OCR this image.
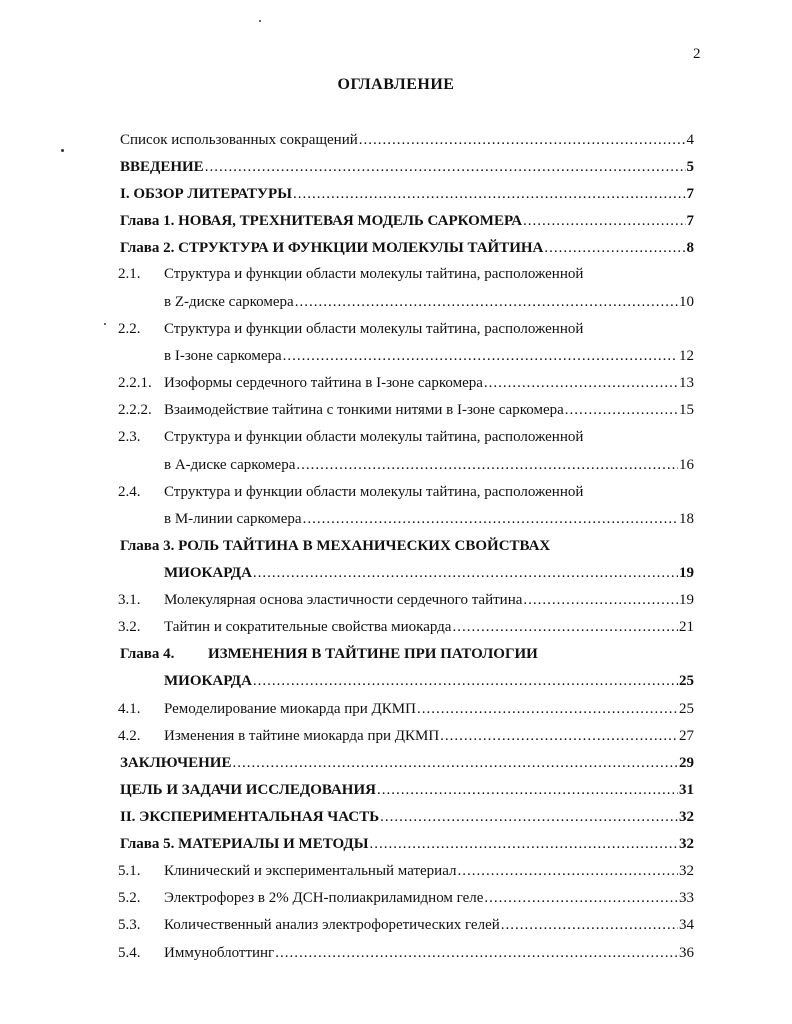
2
ОГЛАВЛЕНИЕ
Список использованных сокращений .....	4
ВВЕДЕНИЕ .....	5
I. ОБЗОР ЛИТЕРАТУРЫ .....	7
Глава 1. НОВАЯ, ТРЕХНИТЕВАЯ МОДЕЛЬ САРКОМЕРА .....	7
Глава 2. СТРУКТУРА И ФУНКЦИИ МОЛЕКУЛЫ ТАЙТИНА .....	8
2.1.	Структура и функции области молекулы тайтина, расположенной
в Z-диске саркомера .....	10
2.2.	Структура и функции области молекулы тайтина, расположенной
в I-зоне саркомера .....	12
2.2.1. Изоформы сердечного тайтина в I-зоне саркомера .....	13
2.2.2. Взаимодействие тайтина с тонкими нитями в I-зоне саркомера .....	15
2.3.	Структура и функции области молекулы тайтина, расположенной
в А-диске саркомера .....	16
2.4.	Структура и функции области молекулы тайтина, расположенной
в М-линии саркомера .....	18
Глава 3. РОЛЬ ТАЙТИНА В МЕХАНИЧЕСКИХ СВОЙСТВАХ
МИОКАРДА .....	19
3.1.	Молекулярная основа эластичности сердечного тайтина .....	19
3.2.	Тайтин и сократительные свойства миокарда .....	21
Глава 4.	ИЗМЕНЕНИЯ В ТАЙТИНЕ ПРИ ПАТОЛОГИИ
МИОКАРДА .....	25
4.1.	Ремоделирование миокарда при ДКМП .....	25
4.2.	Изменения в тайтине миокарда при ДКМП .....	27
ЗАКЛЮЧЕНИЕ .....	29
ЦЕЛЬ И ЗАДАЧИ ИССЛЕДОВАНИЯ .....	31
II. ЭКСПЕРИМЕНТАЛЬНАЯ ЧАСТЬ .....	32
Глава 5. МАТЕРИАЛЫ И МЕТОДЫ .....	32
5.1.	Клинический и экспериментальный материал .....	32
5.2.	Электрофорез в 2% ДСН-полиакриламидном геле .....	33
5.3.	Количественный анализ электрофоретических гелей .....	34
5.4.	Иммуноблоттинг .....	36
